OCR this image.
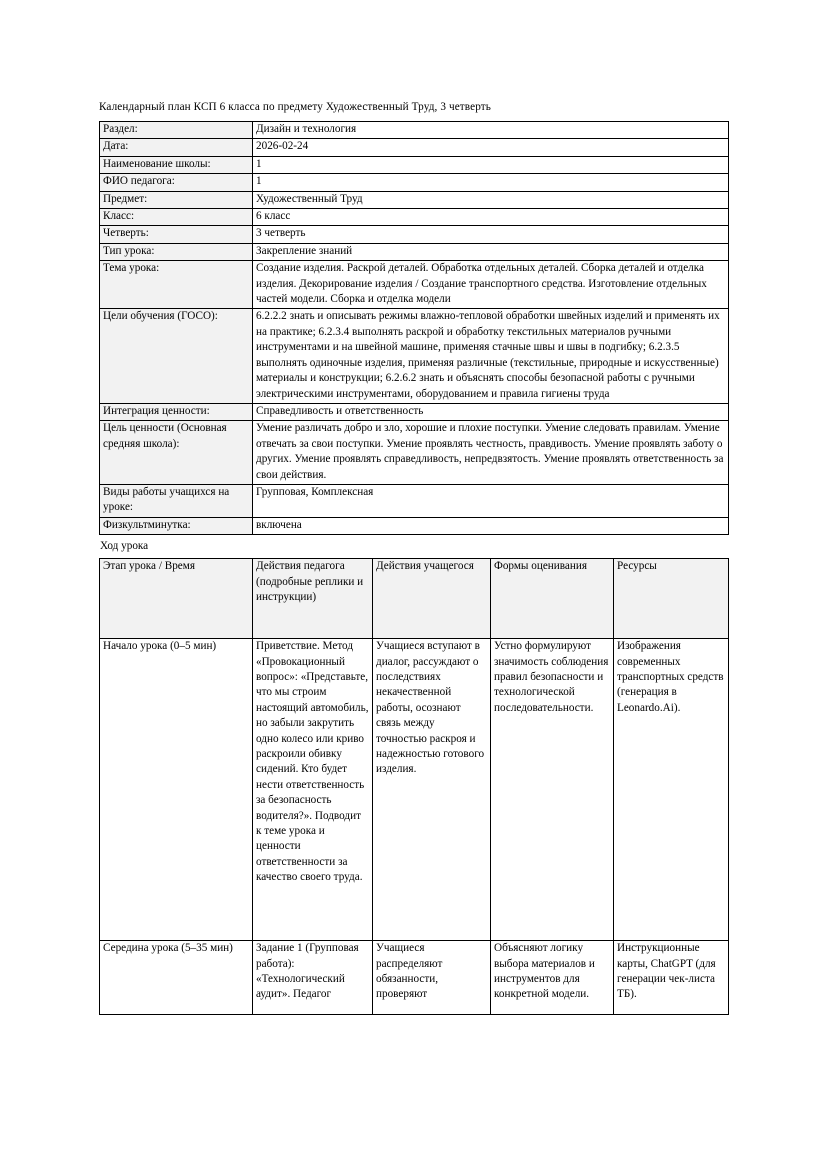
Календарный план КСП 6 класса по предмету Художественный Труд, 3 четверть
Раздел:	Дизайн и технология
Дата:	2026-02-24
Наименование школы:	1
ФИО педагога:	1
Предмет:	Художественный Труд
Класс:	6 класс
Четверть:	3 четверть
Тип урока:	Закрепление знаний
Тема урока:	Создание изделия. Раскрой деталей. Обработка отдельных деталей. Сборка деталей и отделка изделия. Декорирование изделия / Создание транспортного средства. Изготовление отдельных частей модели. Сборка и отделка модели
Цели обучения (ГОСО):	6.2.2.2 знать и описывать режимы влажно-тепловой обработки швейных изделий и применять их на практике; 6.2.3.4 выполнять раскрой и обработку текстильных материалов ручными инструментами и на швейной машине, применяя стачные швы и швы в подгибку; 6.2.3.5 выполнять одиночные изделия, применяя различные (текстильные, природные и искусственные) материалы и конструкции; 6.2.6.2 знать и объяснять способы безопасной работы с ручными электрическими инструментами, оборудованием и правила гигиены труда
Интеграция ценности:	Справедливость и ответственность
Цель ценности (Основная средняя школа):	Умение различать добро и зло, хорошие и плохие поступки. Умение следовать правилам. Умение отвечать за свои поступки. Умение проявлять честность, правдивость. Умение проявлять заботу о других. Умение проявлять справедливость, непредвзятость. Умение проявлять ответственность за свои действия.
Виды работы учащихся на уроке:	Групповая, Комплексная
Физкультминутка:	включена
Ход урока
Этап урока / Время	Действия педагога (подробные реплики и инструкции)	Действия учащегося	Формы оценивания	Ресурсы
Начало урока (0–5 мин)	Приветствие. Метод «Провокационный вопрос»: «Представьте, что мы строим настоящий автомобиль, но забыли закрутить одно колесо или криво раскроили обивку сидений. Кто будет нести ответственность за безопасность водителя?». Подводит к теме урока и ценности ответственности за качество своего труда.	Учащиеся вступают в диалог, рассуждают о последствиях некачественной работы, осознают связь между точностью раскроя и надежностью готового изделия.	Устно формулируют значимость соблюдения правил безопасности и технологической последовательности.	Изображения современных транспортных средств (генерация в Leonardo.Ai).
Середина урока (5–35 мин)	Задание 1 (Групповая работа): «Технологический аудит». Педагог	Учащиеся распределяют обязанности, проверяют	Объясняют логику выбора материалов и инструментов для конкретной модели.	Инструкционные карты, ChatGPT (для генерации чек-листа ТБ).
